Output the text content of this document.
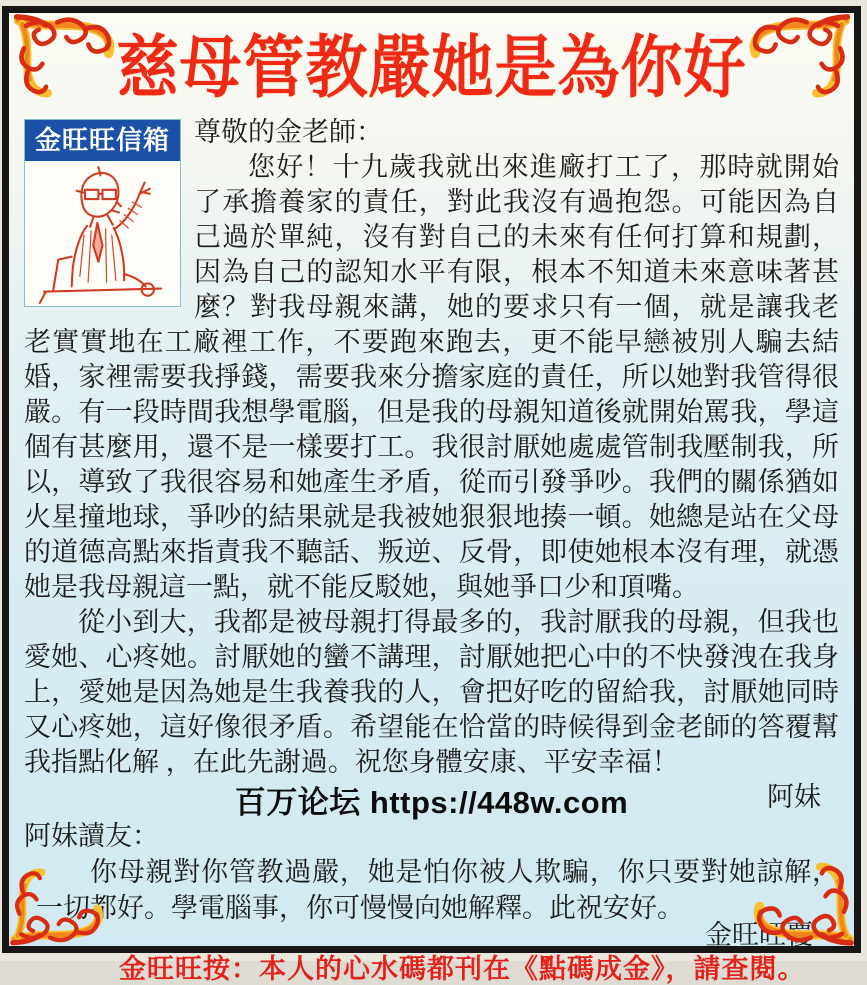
慈母管教嚴她是為你好
金旺旺信箱 尊敬的金老師：

您好！十九歲我就出來進廠打工了，那時就開始了承擔養家的責任，對此我沒有過抱怨。可能因為自己過於單純，沒有對自己的未來有任何打算和規劃，因為自己的認知水平有限，根本不知道未來意味著甚麼？對我母親來講，她的要求只有一個，就是讓我老老實實地在工廠裡工作，不要跑來跑去，更不能早戀被別人騙去結婚，家裡需要我掙錢，需要我來分擔家庭的責任，所以她對我管得很嚴。有一段時間我想學電腦，但是我的母親知道後就開始罵我，學這個有甚麼用，還不是一樣要打工。我很討厭她處處管制我壓制我，所以，導致了我很容易和她產生矛盾，從而引發爭吵。我們的關係猶如火星撞地球，爭吵的結果就是我被她狠狠地揍一頓。她總是站在父母的道德高點來指責我不聽話、叛逆、反骨，即使她根本沒有理，就憑她是我母親這一點，就不能反駁她，與她爭口少和頂嘴。

從小到大，我都是被母親打得最多的，我討厭我的母親，但我也愛她、心疼她。討厭她的蠻不講理，討厭她把心中的不快發洩在我身上，愛她是因為她是生我養我的人，會把好吃的留給我，討厭她同時又心疼她，這好像很矛盾。希望能在恰當的時候得到金老師的答覆幫我指點化解 ，在此先謝過。祝您身體安康、平安幸福！

阿妹

百万论坛 https://448w.com

阿妹讀友：

你母親對你管教過嚴，她是怕你被人欺騙，你只要對她諒解，一切都好。學電腦事，你可慢慢向她解釋。此祝安好。

金旺旺覆

金旺旺按：本人的心水碼都刊在《點碼成金》，請查閱。
